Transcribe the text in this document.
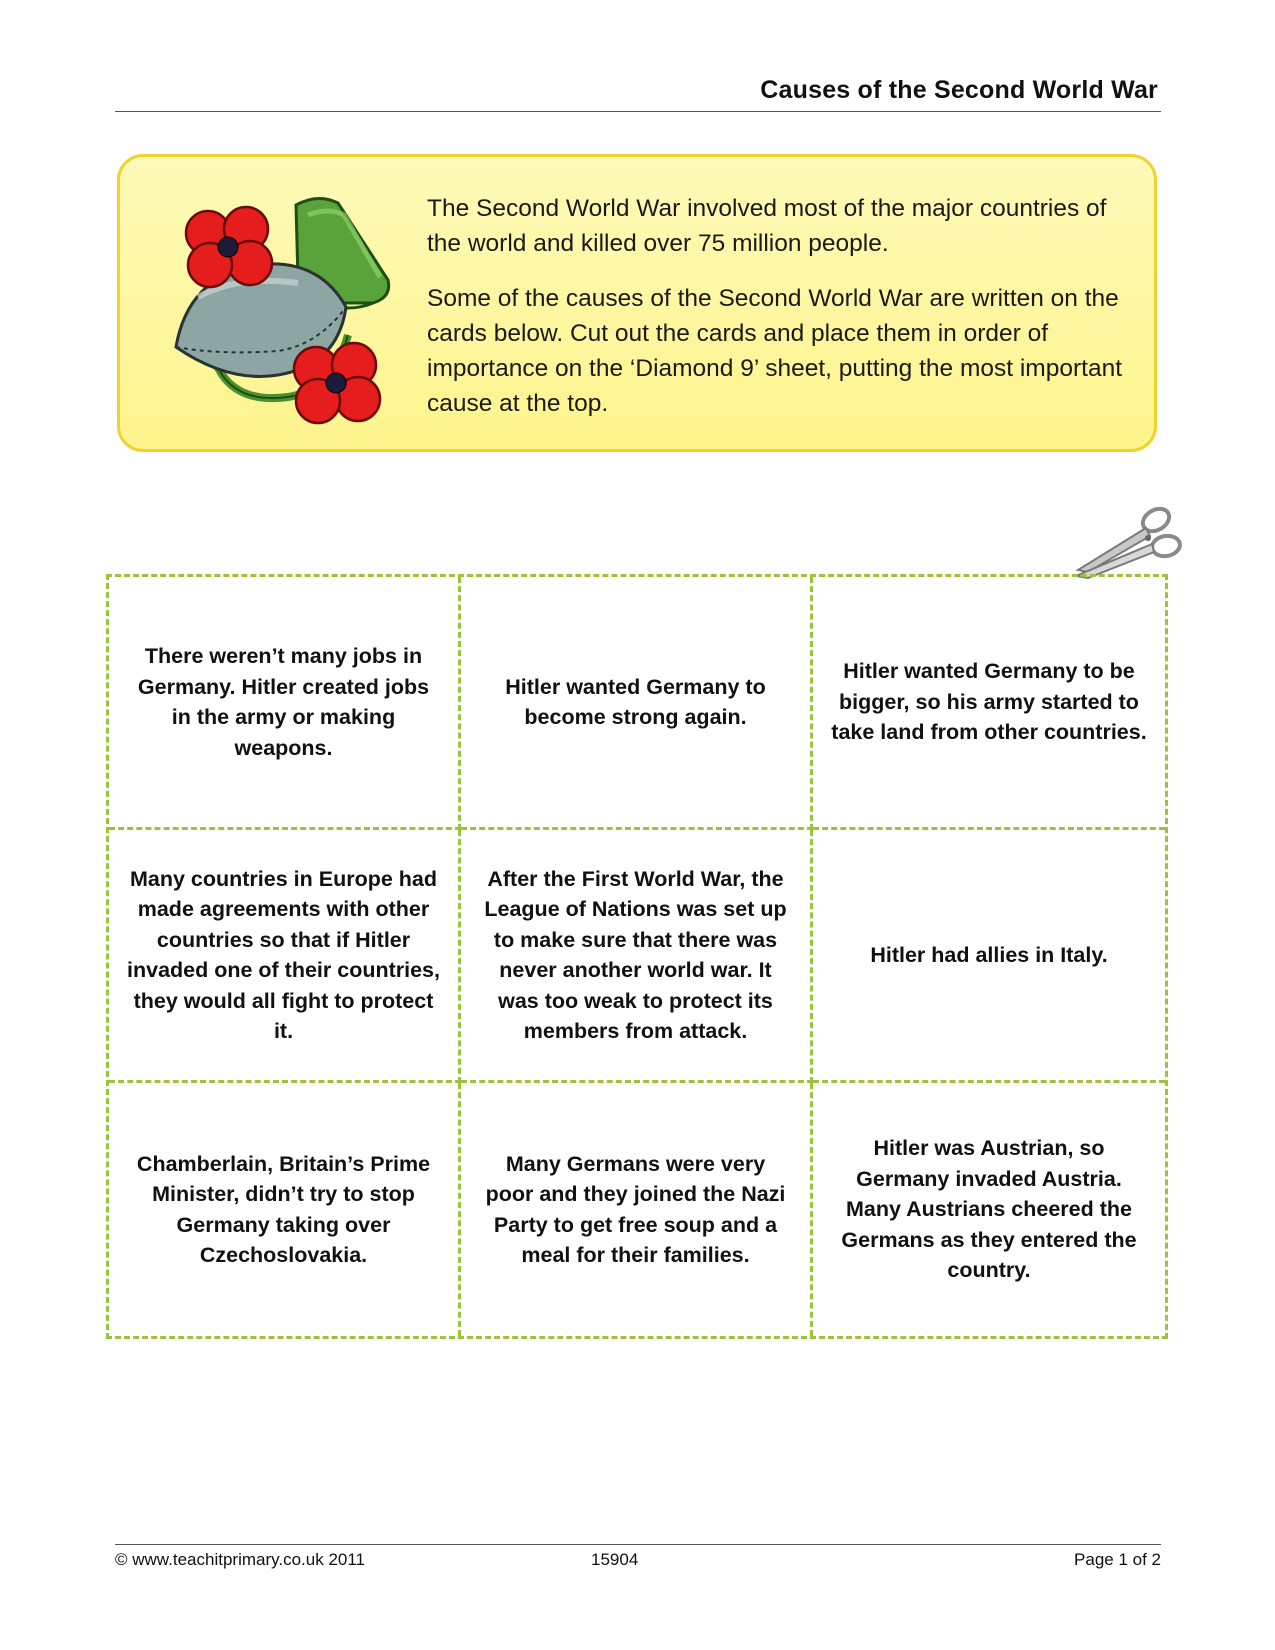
Causes of the Second World War

The Second World War involved most of the major countries of the world and killed over 75 million people.

Some of the causes of the Second World War are written on the cards below. Cut out the cards and place them in order of importance on the ‘Diamond 9’ sheet, putting the most important cause at the top.

There weren’t many jobs in Germany. Hitler created jobs in the army or making weapons.
Hitler wanted Germany to become strong again.
Hitler wanted Germany to be bigger, so his army started to take land from other countries.
Many countries in Europe had made agreements with other countries so that if Hitler invaded one of their countries, they would all fight to protect it.
After the First World War, the League of Nations was set up to make sure that there was never another world war. It was too weak to protect its members from attack.
Hitler had allies in Italy.
Chamberlain, Britain’s Prime Minister, didn’t try to stop Germany taking over Czechoslovakia.
Many Germans were very poor and they joined the Nazi Party to get free soup and a meal for their families.
Hitler was Austrian, so Germany invaded Austria. Many Austrians cheered the Germans as they entered the country.
© www.teachitprimary.co.uk 2011	15904	Page 1 of 2
